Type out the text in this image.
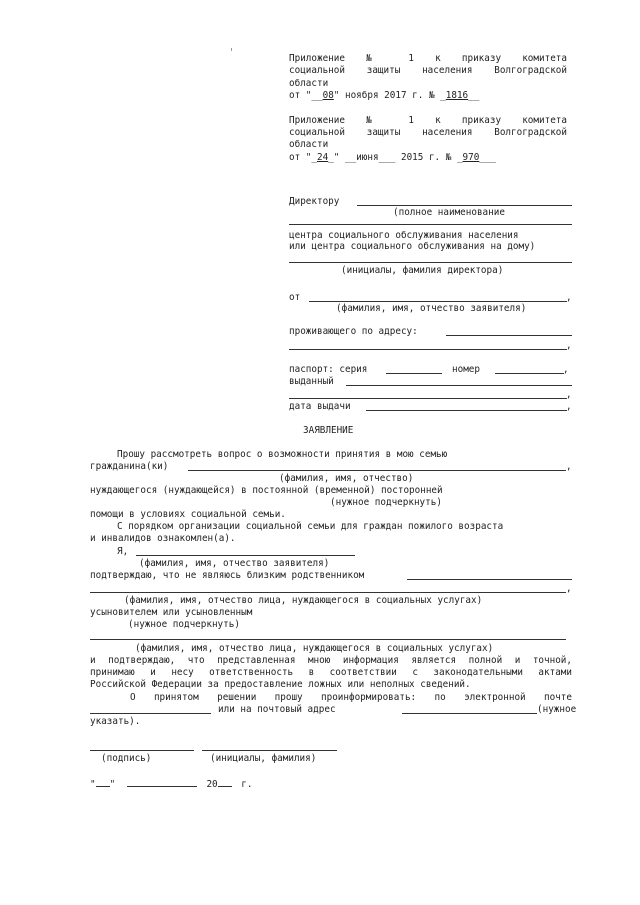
Приложение № 1 к приказу комитета
социальной защиты населения Волгоградской
области
от "__08" ноября 2017 г. № _1816__
Приложение № 1 к приказу комитета
социальной защиты населения Волгоградской
области
от "_24_" __июня___ 2015 г. № _970___
Директору
(полное наименование
центра социального обслуживания населения
или центра социального обслуживания на дому)
(инициалы, фамилия директора)
от	,
(фамилия, имя, отчество заявителя)
проживающего по адресу:
,
паспорт: серия	номер	,
выданный
,
дата выдачи	,
ЗАЯВЛЕНИЕ
Прошу рассмотреть вопрос о возможности принятия в мою семью
гражданина(ки)	,
(фамилия, имя, отчество)
нуждающегося (нуждающейся) в постоянной (временной) посторонней
(нужное подчеркнуть)
помощи в условиях социальной семьи.
С порядком организации социальной семьи для граждан пожилого возраста
и инвалидов ознакомлен(а).
Я,
(фамилия, имя, отчество заявителя)
подтверждаю, что не являюсь близким родственником
,
(фамилия, имя, отчество лица, нуждающегося в социальных услугах)
усыновителем или усыновленным
(нужное подчеркнуть)
(фамилия, имя, отчество лица, нуждающегося в социальных услугах)
и подтверждаю, что представленная мною информация является полной и точной,
принимаю и несу ответственность в соответствии с законодательными актами
Российской Федерации за предоставление ложных или неполных сведений.
О принятом решении прошу проинформировать: по электронной почте
или на почтовый адрес	(нужное
указать).
(подпись)	(инициалы, фамилия)
" "	20	г.
